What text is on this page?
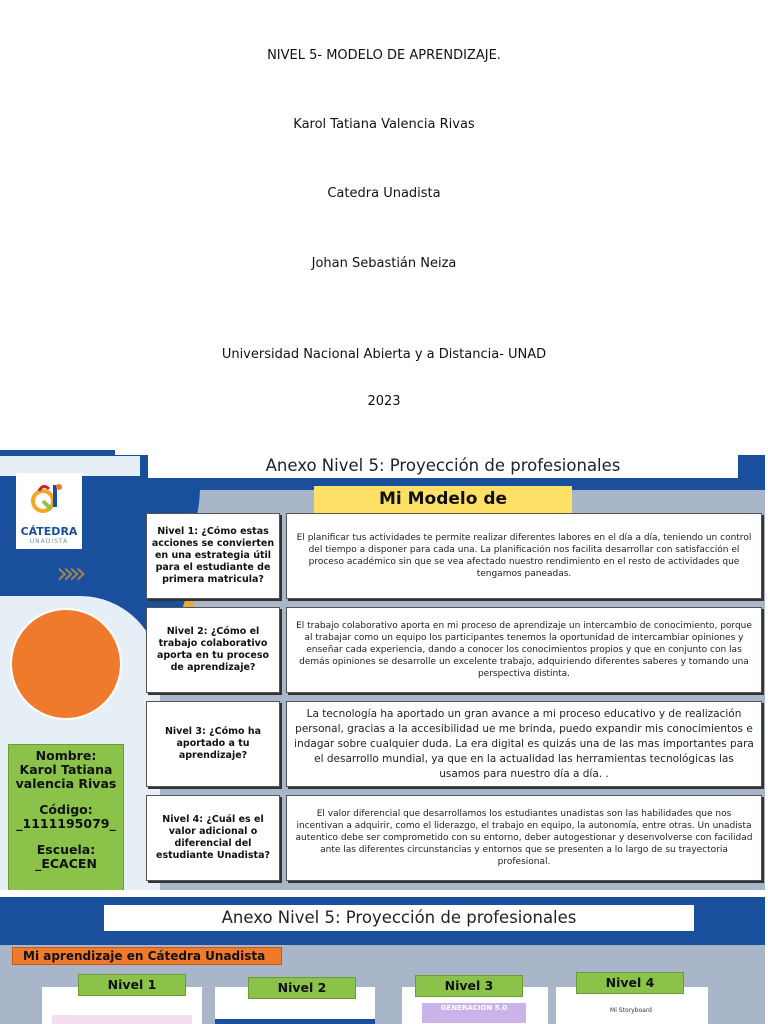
NIVEL 5- MODELO DE APRENDIZAJE.
Karol Tatiana Valencia Rivas
Catedra Unadista
Johan Sebastián Neiza
Universidad Nacional Abierta y a Distancia- UNAD
2023
CÁTEDRA
UNADISTA
»»

Nombre:
Karol Tatiana valencia Rivas

Código:
_1111195079_

Escuela:
_ECACEN

Anexo Nivel 5: Proyección de profesionales
Mi Modelo de
Nivel 1: ¿Cómo estas acciones se convierten en una estrategia útil para el estudiante de primera matricula?
El planificar tus actividades te permite realizar diferentes labores en el día a día, teniendo un control del tiempo a disponer para cada una. La planificación nos facilita desarrollar con satisfacción el proceso académico sin que se vea afectado nuestro rendimiento en el resto de actividades que tengamos paneadas.
Nivel 2: ¿Cómo el trabajo colaborativo aporta en tu proceso de aprendizaje?
El trabajo colaborativo aporta en mi proceso de aprendizaje un intercambio de conocimiento, porque al trabajar como un equipo los participantes tenemos la oportunidad de intercambiar opiniones y enseñar cada experiencia, dando a conocer los conocimientos propios y que en conjunto con las demás opiniones se desarrolle un excelente trabajo, adquiriendo diferentes saberes y tomando una perspectiva distinta.
Nivel 3: ¿Cómo ha aportado a tu aprendizaje?
La tecnología ha aportado un gran avance a mi proceso educativo y de realización personal, gracias a la accesibilidad ue me brinda, puedo expandir mis conocimientos e indagar sobre cualquier duda. La era digital es quizás una de las mas importantes para el desarrollo mundial, ya que en la actualidad las herramientas tecnológicas las usamos para nuestro día a día. .
Nivel 4: ¿Cuál es el valor adicional o diferencial del estudiante Unadista?
El valor diferencial que desarrollamos los estudiantes unadistas son las habilidades que nos incentivan a adquirir, como el liderazgo, el trabajo en equipo, la autonomía, entre otras. Un unadista autentico debe ser comprometido con su entorno, deber autogestionar y desenvolverse con facilidad ante las diferentes circunstancias y entornos que se presenten a lo largo de su trayectoria profesional.
Anexo Nivel 5: Proyección de profesionales
Mi aprendizaje en Cátedra Unadista
GENERACION 5.0	Mi Storyboard
Nivel 1	Nivel 2	Nivel 3	Nivel 4
